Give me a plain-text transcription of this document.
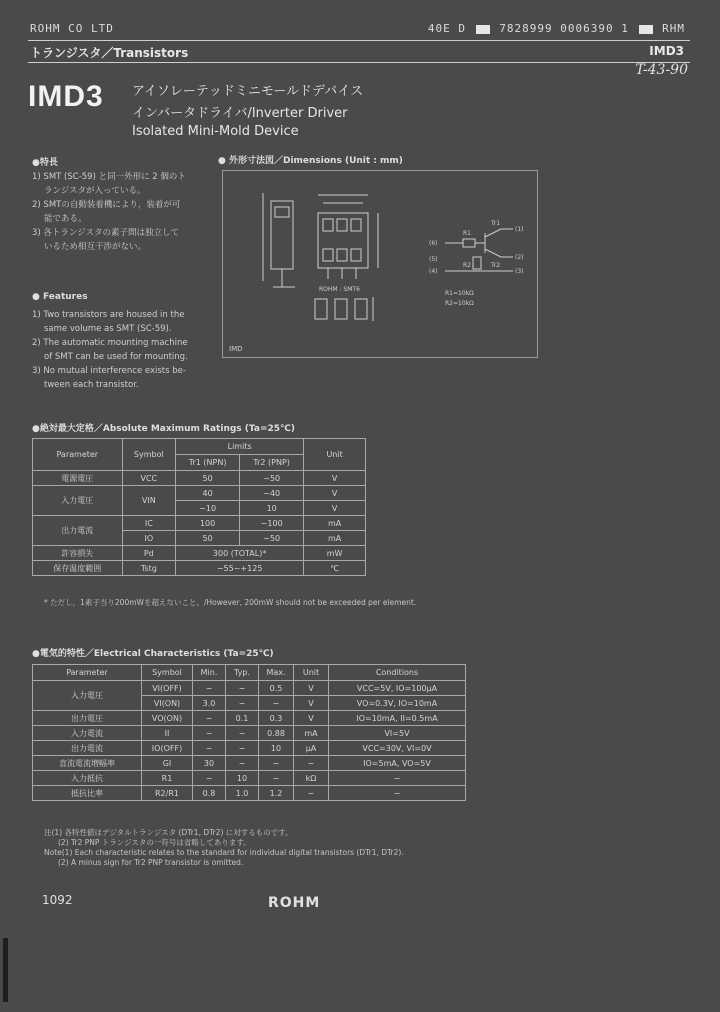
ROHM CO LTD	40E D	7828999 0006390 1	RHM
トランジスタ／Transistors	IMD3
T-43-90
IMD3 アイソレーテッドミニモールドデバイス
インバータドライバ/Inverter Driver
Isolated Mini-Mold Device
●特長
1) SMT (SC-59) と同一外形に 2 個のト
ランジスタが入っている。
2) SMTの自動装着機により，装着が可
能である。
3) 各トランジスタの素子間は独立して
いるため相互干渉がない。
● Features
1) Two transistors are housed in the
same volume as SMT (SC-59).
2) The automatic mounting machine
of SMT can be used for mounting.
3) No mutual interference exists be-
tween each transistor.
● 外形寸法図／Dimensions (Unit : mm)
(6)
(5)
(4)
(1)
(2)
(3)
R1
R2
Tr1
Tr2
ROHM : SMT6
R1=10kΩ
R2=10kΩ
IMD
●絶対最大定格／Absolute Maximum Ratings (Ta=25℃)
Parameter	Symbol	Limits		Unit
		Tr1 (NPN)	Tr2 (PNP)	
電源電圧	VCC	50	−50	V
入力電圧	VIN	40	−40	V
		−10	10	V
出力電流	IC	100	−100	mA
	IO	50	−50	mA
許容損失	Pd	300 (TOTAL)*		mW
保存温度範囲	Tstg	−55~+125		℃
* ただし，1素子当り200mWを超えないこと。/However, 200mW should not be exceeded per element.
●電気的特性／Electrical Characteristics (Ta=25℃)
Parameter	Symbol	Min.	Typ.	Max.	Unit	Conditions
入力電圧	VI(OFF)	−	−	0.5	V	VCC=5V, IO=100μA
	VI(ON)	3.0	−	−	V	VO=0.3V, IO=10mA
出力電圧	VO(ON)	−	0.1	0.3	V	IO=10mA, II=0.5mA
入力電流	II	−	−	0.88	mA	VI=5V
出力電流	IO(OFF)	−	−	10	μA	VCC=30V, VI=0V
直流電流増幅率	GI	30	−	−	−	IO=5mA, VO=5V
入力抵抗	R1	−	10	−	kΩ	−
抵抗比率	R2/R1	0.8	1.0	1.2	−	−
注(1) 各特性値はデジタルトランジスタ (DTr1, DTr2) に対するものです。
(2) Tr2 PNP トランジスタの一符号は省略してあります。
Note(1) Each characteristic relates to the standard for individual digital transistors (DTr1, DTr2).
(2) A minus sign for Tr2 PNP transistor is omitted.
1092	ROHM
